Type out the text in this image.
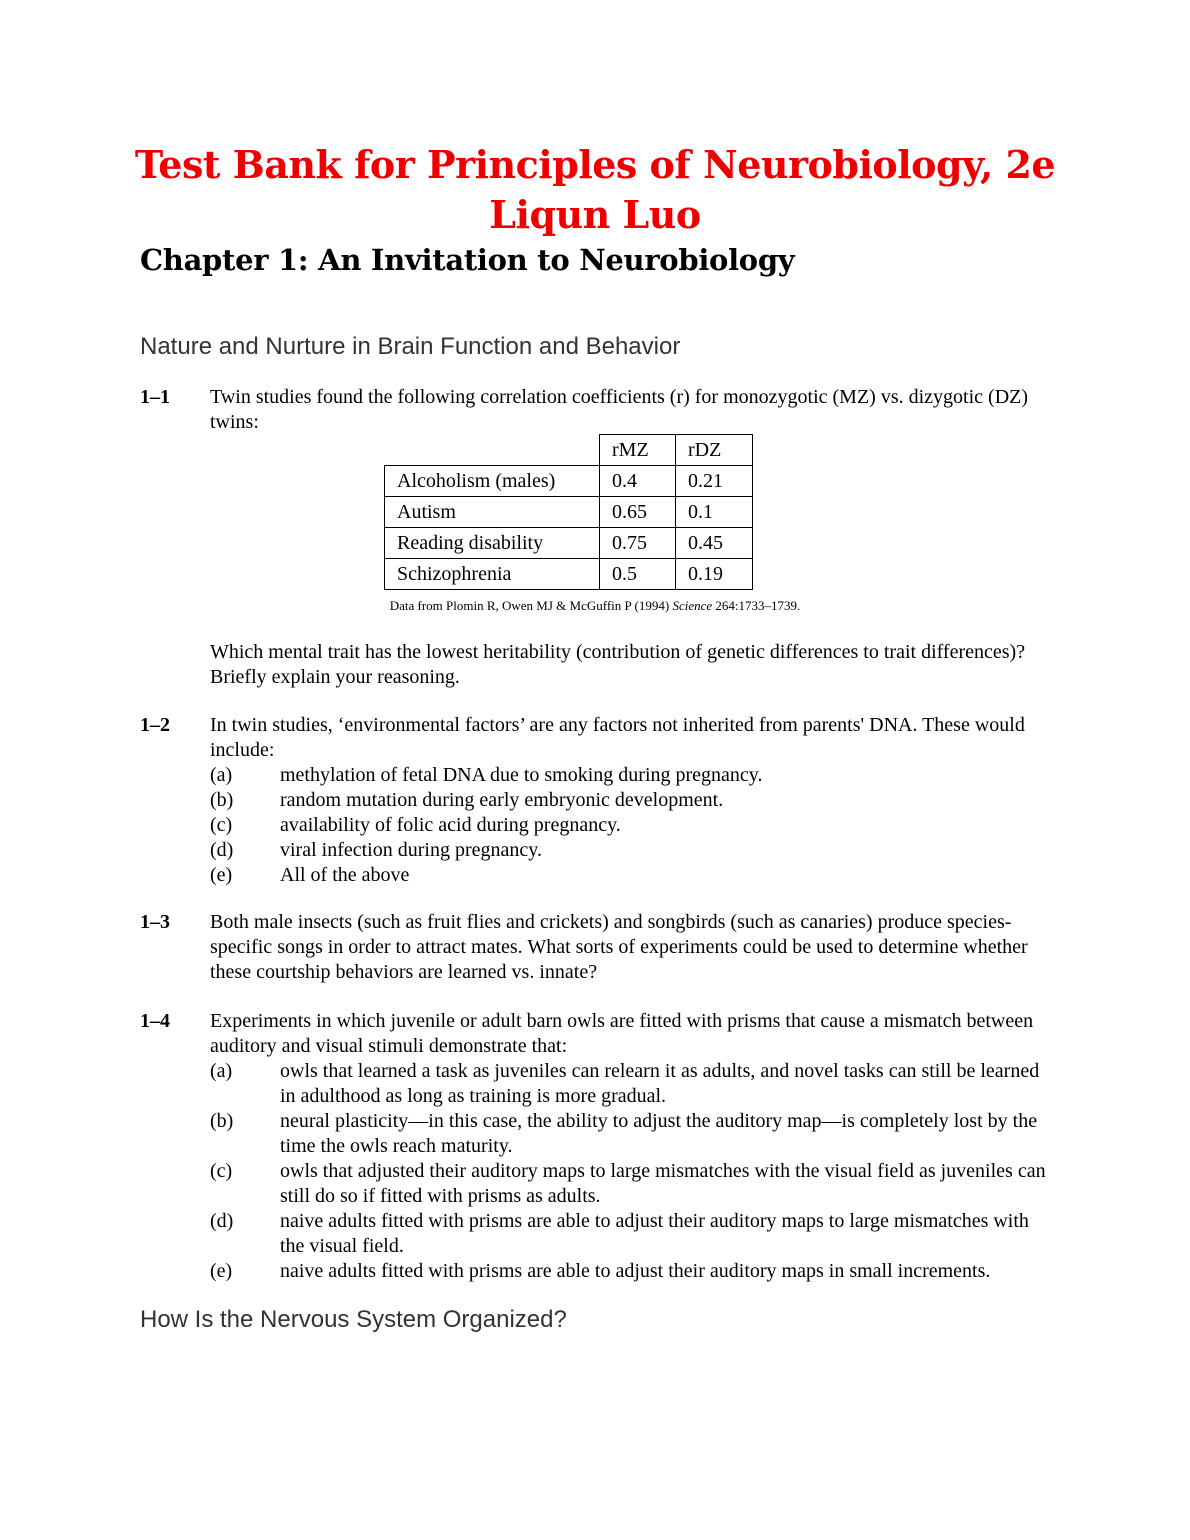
Test Bank for Principles of Neurobiology, 2e
Liqun Luo
Chapter 1: An Invitation to Neurobiology
Nature and Nurture in Brain Function and Behavior
1–1 Twin studies found the following correlation coefficients (r) for monozygotic (MZ) vs. dizygotic (DZ) twins:
	rMZ	rDZ
Alcoholism (males)	0.4	0.21
Autism	0.65	0.1
Reading disability	0.75	0.45
Schizophrenia	0.5	0.19
Data from Plomin R, Owen MJ & McGuffin P (1994) Science 264:1733–1739.
Which mental trait has the lowest heritability (contribution of genetic differences to trait differences)? Briefly explain your reasoning.
1–2 In twin studies, ‘environmental factors’ are any factors not inherited from parents' DNA. These would include:
(a) methylation of fetal DNA due to smoking during pregnancy.
(b) random mutation during early embryonic development.
(c) availability of folic acid during pregnancy.
(d) viral infection during pregnancy.
(e) All of the above
1–3 Both male insects (such as fruit flies and crickets) and songbirds (such as canaries) produce species-specific songs in order to attract mates. What sorts of experiments could be used to determine whether these courtship behaviors are learned vs. innate?
1–4 Experiments in which juvenile or adult barn owls are fitted with prisms that cause a mismatch between auditory and visual stimuli demonstrate that:
(a) owls that learned a task as juveniles can relearn it as adults, and novel tasks can still be learned in adulthood as long as training is more gradual.
(b) neural plasticity—in this case, the ability to adjust the auditory map—is completely lost by the time the owls reach maturity.
(c) owls that adjusted their auditory maps to large mismatches with the visual field as juveniles can still do so if fitted with prisms as adults.
(d) naive adults fitted with prisms are able to adjust their auditory maps to large mismatches with the visual field.
(e) naive adults fitted with prisms are able to adjust their auditory maps in small increments.
How Is the Nervous System Organized?
